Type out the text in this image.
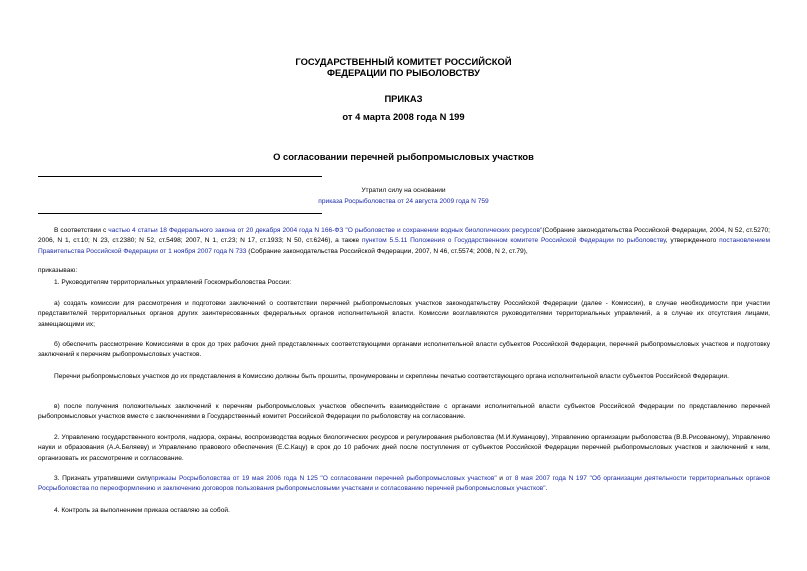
ГОСУДАРСТВЕННЫЙ КОМИТЕТ РОССИЙСКОЙ
ФЕДЕРАЦИИ ПО РЫБОЛОВСТВУ
ПРИКАЗ
от 4 марта 2008 года N 199
О согласовании перечней рыбопромысловых участков
Утратил силу на основании
приказа Росрыболовства от 24 августа 2009 года N 759

В соответствии с частью 4 статьи 18 Федерального закона от 20 декабря 2004 года N 166-ФЗ "О рыболовстве и сохранении водных биологических ресурсов"(Собрание законодательства Российской Федерации, 2004, N 52, ст.5270; 2006, N 1, ст.10; N 23, ст.2380; N 52, ст.5498; 2007, N 1, ст.23; N 17, ст.1933; N 50, ст.6246), а также пунктом 5.5.11 Положения о Государственном комитете Российской Федерации по рыболовству, утвержденного постановлением Правительства Российской Федерации от 1 ноября 2007 года N 733 (Собрание законодательства Российской Федерации, 2007, N 46, ст.5574; 2008, N 2, ст.79),

приказываю:
1. Руководителям территориальных управлений Госкомрыболовства России:
а) создать комиссии для рассмотрения и подготовки заключений о соответствии перечней рыбопромысловых участков законодательству Российской Федерации (далее - Комиссии), в случае необходимости при участии представителей территориальных органов других заинтересованных федеральных органов исполнительной власти. Комиссии возглавляются руководителями территориальных управлений, а в случае их отсутствия лицами, замещающими их;
б) обеспечить рассмотрение Комиссиями в срок до трех рабочих дней представленных соответствующими органами исполнительной власти субъектов Российской Федерации, перечней рыбопромысловых участков и подготовку заключений к перечням рыбопромысловых участков.
Перечни рыбопромысловых участков до их представления в Комиссию должны быть прошиты, пронумерованы и скреплены печатью соответствующего органа исполнительной власти субъектов Российской Федерации.
в) после получения положительных заключений к перечням рыбопромысловых участков обеспечить взаимодействие с органами исполнительной власти субъектов Российской Федерации по представлению перечней рыбопромысловых участков вместе с заключениями в Государственный комитет Российской Федерации по рыболовству на согласование.
2. Управлению государственного контроля, надзора, охраны, воспроизводства водных биологических ресурсов и регулирования рыболовства (М.И.Куманцову), Управлению организации рыболовства (В.В.Рисованому), Управлению науки и образования (А.А.Беляеву) и Управлению правового обеспечения (Е.С.Кацу) в срок до 10 рабочих дней после поступления от субъектов Российской Федерации перечней рыбопромысловых участков и заключений к ним, организовать их рассмотрение и согласование.

3. Признать утратившими силуприказы Росрыболовства от 19 мая 2006 года N 125 "О согласовании перечней рыбопромысловых участков" и от 8 мая 2007 года N 197 "Об организации деятельности территориальных органов Росрыболовства по переоформлению и заключению договоров пользования рыбопромысловыми участками и согласованию перечней рыбопромысловых участков".

4. Контроль за выполнением приказа оставляю за собой.
